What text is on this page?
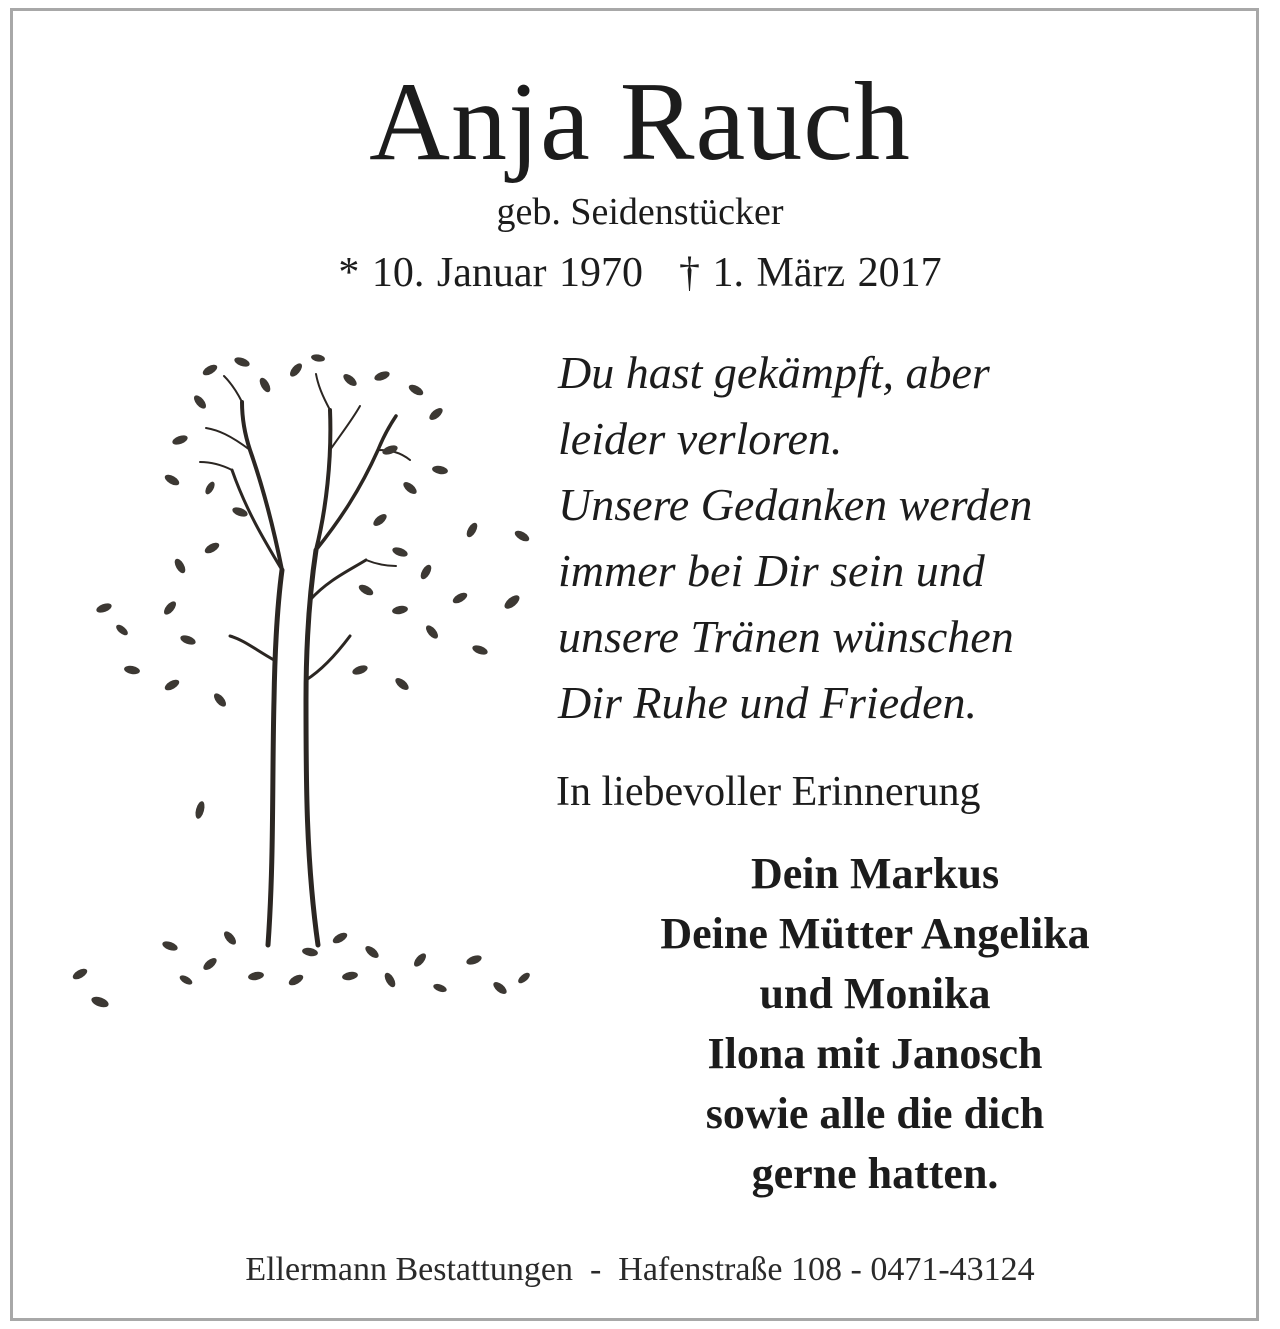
Anja Rauch
geb. Seidenstücker
* 10. Januar 1970 † 1. März 2017
Du hast gekämpft, aber
leider verloren.
Unsere Gedanken werden
immer bei Dir sein und
unsere Tränen wünschen
Dir Ruhe und Frieden.
In liebevoller Erinnerung
Dein Markus
Deine Mütter Angelika
und Monika
Ilona mit Janosch
sowie alle die dich
gerne hatten.
Ellermann Bestattungen  -  Hafenstraße 108 - 0471-43124
